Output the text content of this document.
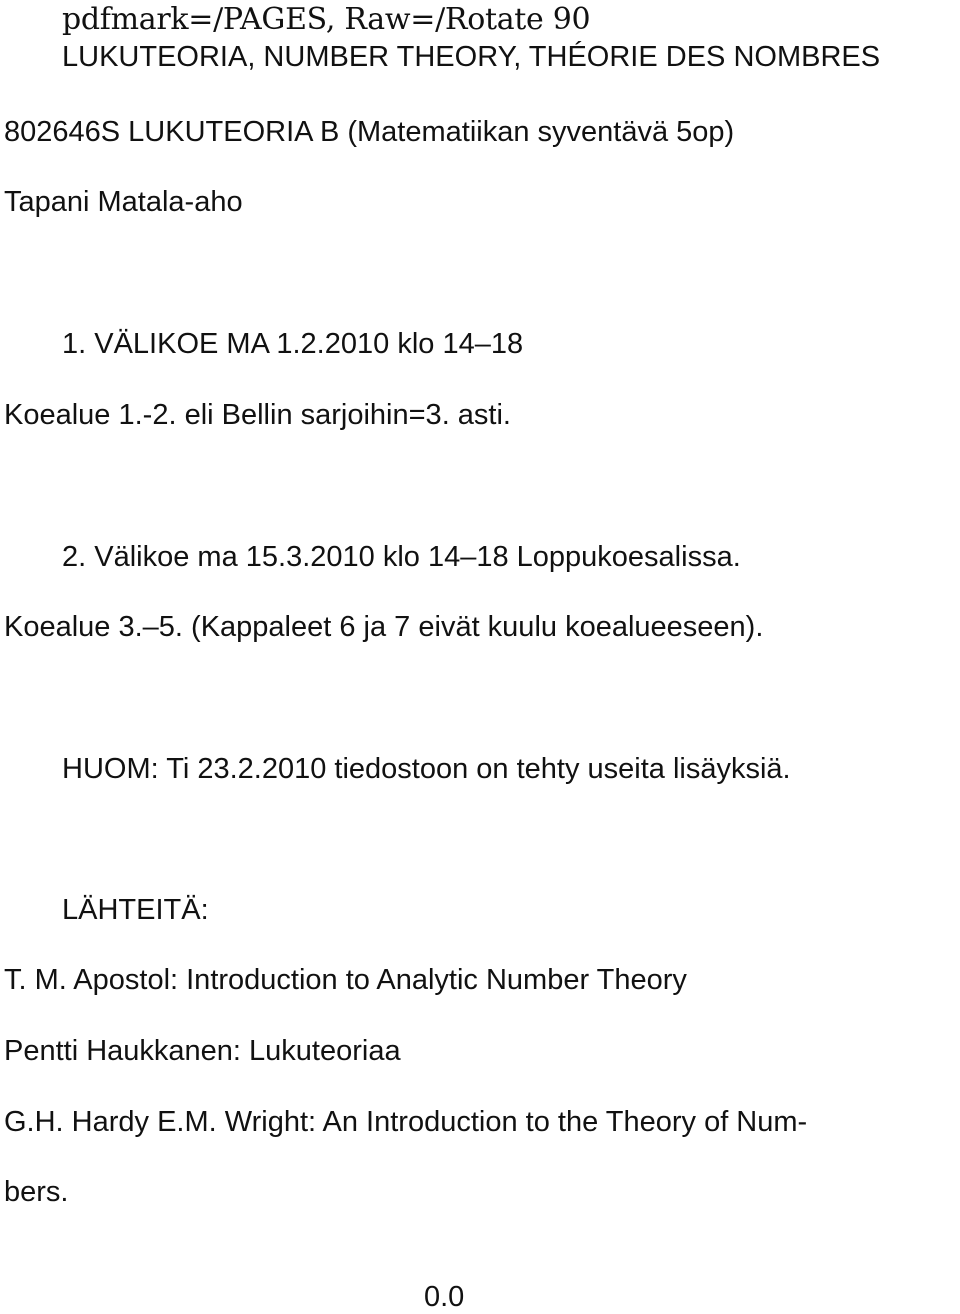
pdfmark=/PAGES, Raw=/Rotate 90
LUKUTEORIA, NUMBER THEORY, THÉORIE DES NOMBRES
802646S LUKUTEORIA B (Matematiikan syventävä 5op)
Tapani Matala-aho
1. VÄLIKOE MA 1.2.2010 klo 14–18
Koealue 1.-2. eli Bellin sarjoihin=3. asti.
2. Välikoe ma 15.3.2010 klo 14–18 Loppukoesalissa.
Koealue 3.–5. (Kappaleet 6 ja 7 eivät kuulu koealueeseen).
HUOM: Ti 23.2.2010 tiedostoon on tehty useita lisäyksiä.
LÄHTEITÄ:
T. M. Apostol: Introduction to Analytic Number Theory
Pentti Haukkanen: Lukuteoriaa
G.H. Hardy E.M. Wright: An Introduction to the Theory of Num-
bers.
0.0
